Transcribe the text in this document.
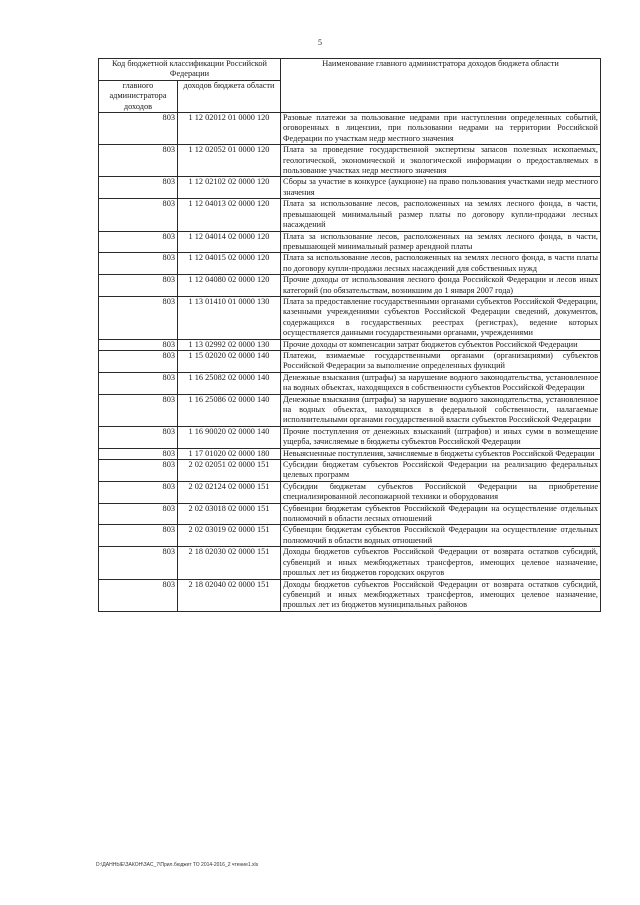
5
Код бюджетной классификации Российской Федерации		Наименование главного администратора доходов бюджета области
главного администратора доходов	доходов бюджета области	
803	1 12 02012 01 0000 120	Разовые платежи за пользование недрами при наступлении определенных событий, оговоренных в лицензии, при пользовании недрами на территории Российской Федерации по участкам недр местного значения
803	1 12 02052 01 0000 120	Плата за проведение государственной экспертизы запасов полезных ископаемых, геологической, экономической и экологической информации о предоставляемых в пользование участках недр местного значения
803	1 12 02102 02 0000 120	Сборы за участие в конкурсе (аукционе) на право пользования участками недр местного значения
803	1 12 04013 02 0000 120	Плата за использование лесов, расположенных на землях лесного фонда, в части, превышающей минимальный размер платы по договору купли-продажи лесных насаждений
803	1 12 04014 02 0000 120	Плата за использование лесов, расположенных на землях лесного фонда, в части, превышающей минимальный размер арендной платы
803	1 12 04015 02 0000 120	Плата за использование лесов, расположенных на землях лесного фонда, в части платы по договору купли-продажи лесных насаждений для собственных нужд
803	1 12 04080 02 0000 120	Прочие доходы от использования лесного фонда Российской Федерации и лесов иных категорий (по обязательствам, возникшим до 1 января 2007 года)
803	1 13 01410 01 0000 130	Плата за предоставление государственными органами субъектов Российской Федерации, казенными учреждениями субъектов Российской Федерации сведений, документов, содержащихся в государственных реестрах (регистрах), ведение которых осуществляется данными государственными органами, учреждениями
803	1 13 02992 02 0000 130	Прочие доходы от компенсации затрат бюджетов субъектов Российской Федерации
803	1 15 02020 02 0000 140	Платежи, взимаемые государственными органами (организациями) субъектов Российской Федерации за выполнение определенных функций
803	1 16 25082 02 0000 140	Денежные взыскания (штрафы) за нарушение водного законодательства, установленное на водных объектах, находящихся в собственности субъектов Российской Федерации
803	1 16 25086 02 0000 140	Денежные взыскания (штрафы) за нарушение водного законодательства, установленное на водных объектах, находящихся в федеральной собственности, налагаемые исполнительными органами государственной власти субъектов Российской Федерации
803	1 16 90020 02 0000 140	Прочие поступления от денежных взысканий (штрафов) и иных сумм в возмещение ущерба, зачисляемые в бюджеты субъектов Российской Федерации
803	1 17 01020 02 0000 180	Невыясненные поступления, зачисляемые в бюджеты субъектов Российской Федерации
803	2 02 02051 02 0000 151	Субсидии бюджетам субъектов Российской Федерации на реализацию федеральных целевых программ
803	2 02 02124 02 0000 151	Субсидии бюджетам субъектов Российской Федерации на приобретение специализированной лесопожарной техники и оборудования
803	2 02 03018 02 0000 151	Субвенции бюджетам субъектов Российской Федерации на осуществление отдельных полномочий в области лесных отношений
803	2 02 03019 02 0000 151	Субвенции бюджетам субъектов Российской Федерации на осуществление отдельных полномочий в области водных отношений
803	2 18 02030 02 0000 151	Доходы бюджетов субъектов Российской Федерации от возврата остатков субсидий, субвенций и иных межбюджетных трансфертов, имеющих целевое назначение, прошлых лет из бюджетов городских округов
803	2 18 02040 02 0000 151	Доходы бюджетов субъектов Российской Федерации от возврата остатков субсидий, субвенций и иных межбюджетных трансфертов, имеющих целевое назначение, прошлых лет из бюджетов муниципальных районов
D:\ДАННЫЕ\ЗАКОН\ЗАС_7\Прил.бюджет ТО 2014-2016_2 чтение1.xls
